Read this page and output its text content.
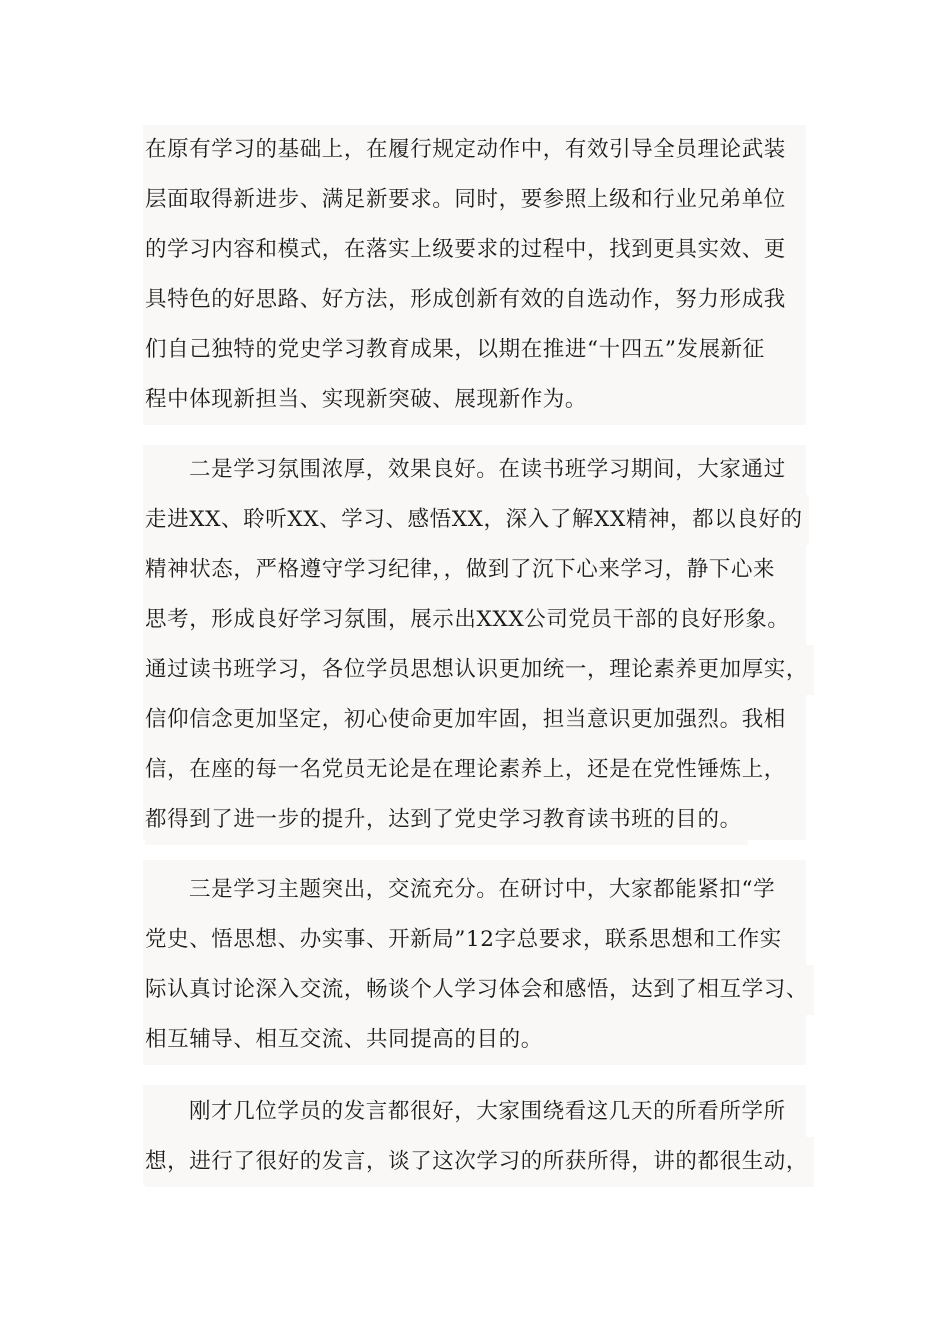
在原有学习的基础上，在履行规定动作中，有效引导全员理论武装
层面取得新进步、满足新要求。同时，要参照上级和行业兄弟单位
的学习内容和模式，在落实上级要求的过程中，找到更具实效、更
具特色的好思路、好方法，形成创新有效的自选动作，努力形成我
们自己独特的党史学习教育成果，以期在推进“十四五”发展新征
程中体现新担当、实现新突破、展现新作为。
二是学习氛围浓厚，效果良好。在读书班学习期间，大家通过
走进XX、聆听XX、学习、感悟XX，深入了解XX精神，都以良好的
精神状态，严格遵守学习纪律，，做到了沉下心来学习，静下心来
思考，形成良好学习氛围，展示出XXX公司党员干部的良好形象。
通过读书班学习，各位学员思想认识更加统一，理论素养更加厚实，
信仰信念更加坚定，初心使命更加牢固，担当意识更加强烈。我相
信，在座的每一名党员无论是在理论素养上，还是在党性锤炼上，
都得到了进一步的提升，达到了党史学习教育读书班的目的。
三是学习主题突出，交流充分。在研讨中，大家都能紧扣“学
党史、悟思想、办实事、开新局”12字总要求，联系思想和工作实
际认真讨论深入交流，畅谈个人学习体会和感悟，达到了相互学习、
相互辅导、相互交流、共同提高的目的。
刚才几位学员的发言都很好，大家围绕看这几天的所看所学所
想，进行了很好的发言，谈了这次学习的所获所得，讲的都很生动，
